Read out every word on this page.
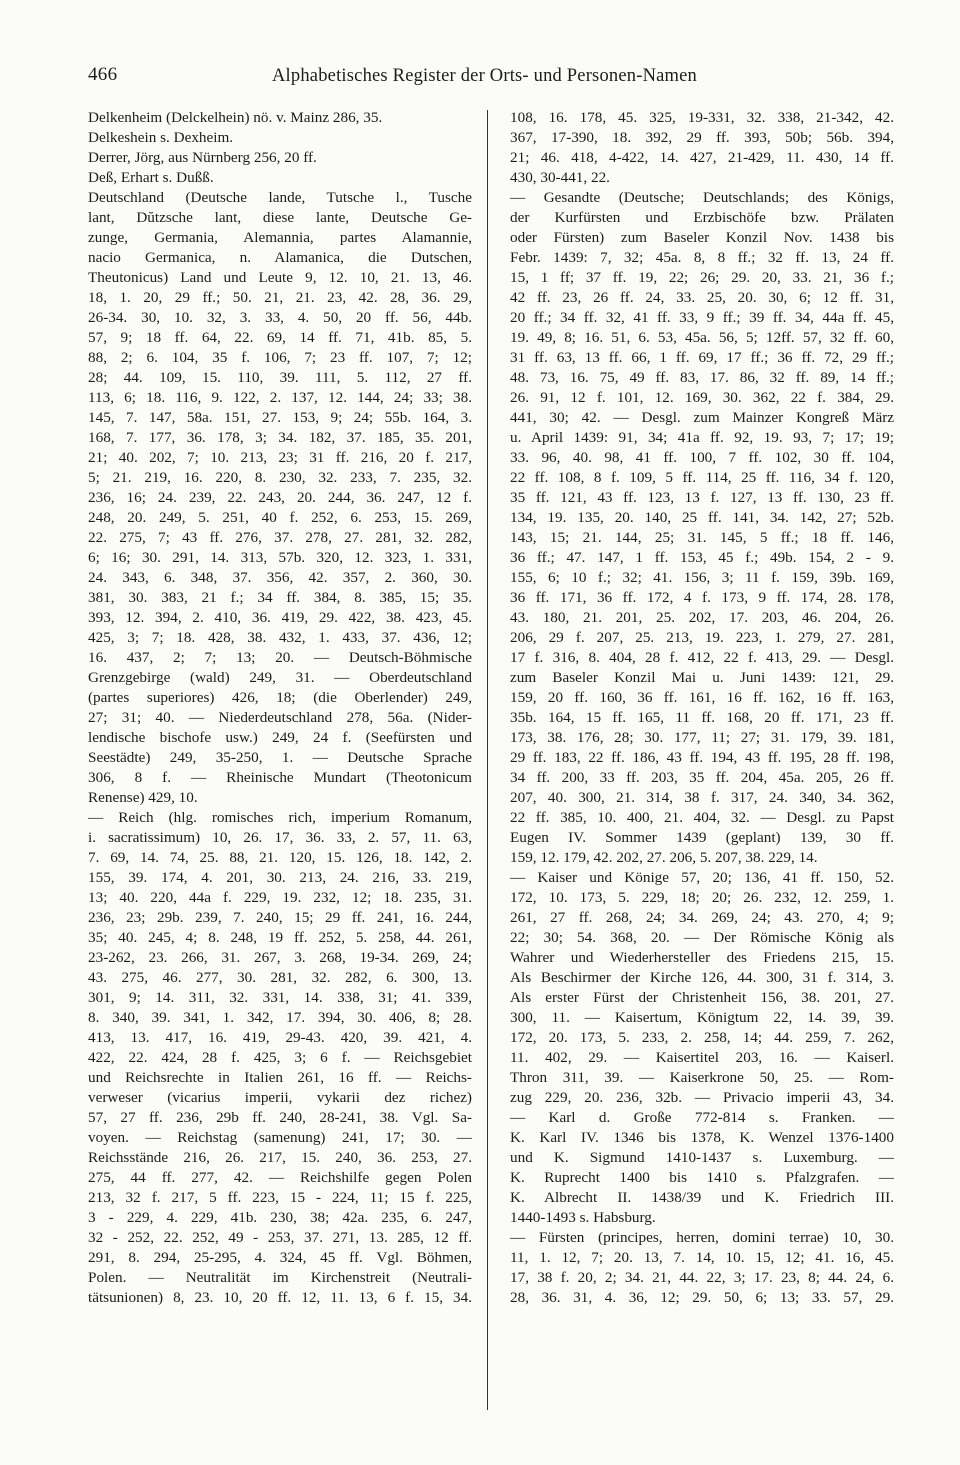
466	Alphabetisches Register der Orts- und Personen-Namen
Delkenheim (Delckelhein) nö. v. Mainz 286, 35.
Delkeshein s. Dexheim.
Derrer, Jörg, aus Nürnberg 256, 20 ff.
Deß, Erhart s. Dußß.
Deutschland (Deutsche lande, Tutsche l., Tusche
lant, Dŭtzsche lant, diese lante, Deutsche Ge-
zunge, Germania, Alemannia, partes Alamannie,
nacio Germanica, n. Alamanica, die Dutschen,
Theutonicus) Land und Leute 9, 12. 10, 21. 13, 46.
18, 1. 20, 29 ff.; 50. 21, 21. 23, 42. 28, 36. 29,
26-34. 30, 10. 32, 3. 33, 4. 50, 20 ff. 56, 44b.
57, 9; 18 ff. 64, 22. 69, 14 ff. 71, 41b. 85, 5.
88, 2; 6. 104, 35 f. 106, 7; 23 ff. 107, 7; 12;
28; 44. 109, 15. 110, 39. 111, 5. 112, 27 ff.
113, 6; 18. 116, 9. 122, 2. 137, 12. 144, 24; 33; 38.
145, 7. 147, 58a. 151, 27. 153, 9; 24; 55b. 164, 3.
168, 7. 177, 36. 178, 3; 34. 182, 37. 185, 35. 201,
21; 40. 202, 7; 10. 213, 23; 31 ff. 216, 20 f. 217,
5; 21. 219, 16. 220, 8. 230, 32. 233, 7. 235, 32.
236, 16; 24. 239, 22. 243, 20. 244, 36. 247, 12 f.
248, 20. 249, 5. 251, 40 f. 252, 6. 253, 15. 269,
22. 275, 7; 43 ff. 276, 37. 278, 27. 281, 32. 282,
6; 16; 30. 291, 14. 313, 57b. 320, 12. 323, 1. 331,
24. 343, 6. 348, 37. 356, 42. 357, 2. 360, 30.
381, 30. 383, 21 f.; 34 ff. 384, 8. 385, 15; 35.
393, 12. 394, 2. 410, 36. 419, 29. 422, 38. 423, 45.
425, 3; 7; 18. 428, 38. 432, 1. 433, 37. 436, 12;
16. 437, 2; 7; 13; 20. — Deutsch-Böhmische
Grenzgebirge (wald) 249, 31. — Oberdeutschland
(partes superiores) 426, 18; (die Oberlender) 249,
27; 31; 40. — Niederdeutschland 278, 56a. (Nider-
lendische bischofe usw.) 249, 24 f. (Seefürsten und
Seestädte) 249, 35-250, 1. — Deutsche Sprache
306, 8 f. — Rheinische Mundart (Theotonicum
Renense) 429, 10.
— Reich (hlg. romisches rich, imperium Romanum,
i. sacratissimum) 10, 26. 17, 36. 33, 2. 57, 11. 63,
7. 69, 14. 74, 25. 88, 21. 120, 15. 126, 18. 142, 2.
155, 39. 174, 4. 201, 30. 213, 24. 216, 33. 219,
13; 40. 220, 44a f. 229, 19. 232, 12; 18. 235, 31.
236, 23; 29b. 239, 7. 240, 15; 29 ff. 241, 16. 244,
35; 40. 245, 4; 8. 248, 19 ff. 252, 5. 258, 44. 261,
23-262, 23. 266, 31. 267, 3. 268, 19-34. 269, 24;
43. 275, 46. 277, 30. 281, 32. 282, 6. 300, 13.
301, 9; 14. 311, 32. 331, 14. 338, 31; 41. 339,
8. 340, 39. 341, 1. 342, 17. 394, 30. 406, 8; 28.
413, 13. 417, 16. 419, 29-43. 420, 39. 421, 4.
422, 22. 424, 28 f. 425, 3; 6 f. — Reichsgebiet
und Reichsrechte in Italien 261, 16 ff. — Reichs-
verweser (vicarius imperii, vykarii dez richez)
57, 27 ff. 236, 29b ff. 240, 28-241, 38. Vgl. Sa-
voyen. — Reichstag (samenung) 241, 17; 30. —
Reichsstände 216, 26. 217, 15. 240, 36. 253, 27.
275, 44 ff. 277, 42. — Reichshilfe gegen Polen
213, 32 f. 217, 5 ff. 223, 15 - 224, 11; 15 f. 225,
3 - 229, 4. 229, 41b. 230, 38; 42a. 235, 6. 247,
32 - 252, 22. 252, 49 - 253, 37. 271, 13. 285, 12 ff.
291, 8. 294, 25-295, 4. 324, 45 ff. Vgl. Böhmen,
Polen. — Neutralität im Kirchenstreit (Neutrali-
tätsunionen) 8, 23. 10, 20 ff. 12, 11. 13, 6 f. 15, 34.
108, 16. 178, 45. 325, 19-331, 32. 338, 21-342, 42.
367, 17-390, 18. 392, 29 ff. 393, 50b; 56b. 394,
21; 46. 418, 4-422, 14. 427, 21-429, 11. 430, 14 ff.
430, 30-441, 22.
— Gesandte (Deutsche; Deutschlands; des Königs,
der Kurfürsten und Erzbischöfe bzw. Prälaten
oder Fürsten) zum Baseler Konzil Nov. 1438 bis
Febr. 1439: 7, 32; 45a. 8, 8 ff.; 32 ff. 13, 24 ff.
15, 1 ff; 37 ff. 19, 22; 26; 29. 20, 33. 21, 36 f.;
42 ff. 23, 26 ff. 24, 33. 25, 20. 30, 6; 12 ff. 31,
20 ff.; 34 ff. 32, 41 ff. 33, 9 ff.; 39 ff. 34, 44a ff. 45,
19. 49, 8; 16. 51, 6. 53, 45a. 56, 5; 12ff. 57, 32 ff. 60,
31 ff. 63, 13 ff. 66, 1 ff. 69, 17 ff.; 36 ff. 72, 29 ff.;
48. 73, 16. 75, 49 ff. 83, 17. 86, 32 ff. 89, 14 ff.;
26. 91, 12 f. 101, 12. 169, 30. 362, 22 f. 384, 29.
441, 30; 42. — Desgl. zum Mainzer Kongreß März
u. April 1439: 91, 34; 41a ff. 92, 19. 93, 7; 17; 19;
33. 96, 40. 98, 41 ff. 100, 7 ff. 102, 30 ff. 104,
22 ff. 108, 8 f. 109, 5 ff. 114, 25 ff. 116, 34 f. 120,
35 ff. 121, 43 ff. 123, 13 f. 127, 13 ff. 130, 23 ff.
134, 19. 135, 20. 140, 25 ff. 141, 34. 142, 27; 52b.
143, 15; 21. 144, 25; 31. 145, 5 ff.; 18 ff. 146,
36 ff.; 47. 147, 1 ff. 153, 45 f.; 49b. 154, 2 - 9.
155, 6; 10 f.; 32; 41. 156, 3; 11 f. 159, 39b. 169,
36 ff. 171, 36 ff. 172, 4 f. 173, 9 ff. 174, 28. 178,
43. 180, 21. 201, 25. 202, 17. 203, 46. 204, 26.
206, 29 f. 207, 25. 213, 19. 223, 1. 279, 27. 281,
17 f. 316, 8. 404, 28 f. 412, 22 f. 413, 29. — Desgl.
zum Baseler Konzil Mai u. Juni 1439: 121, 29.
159, 20 ff. 160, 36 ff. 161, 16 ff. 162, 16 ff. 163,
35b. 164, 15 ff. 165, 11 ff. 168, 20 ff. 171, 23 ff.
173, 38. 176, 28; 30. 177, 11; 27; 31. 179, 39. 181,
29 ff. 183, 22 ff. 186, 43 ff. 194, 43 ff. 195, 28 ff. 198,
34 ff. 200, 33 ff. 203, 35 ff. 204, 45a. 205, 26 ff.
207, 40. 300, 21. 314, 38 f. 317, 24. 340, 34. 362,
22 ff. 385, 10. 400, 21. 404, 32. — Desgl. zu Papst
Eugen IV. Sommer 1439 (geplant) 139, 30 ff.
159, 12. 179, 42. 202, 27. 206, 5. 207, 38. 229, 14.
— Kaiser und Könige 57, 20; 136, 41 ff. 150, 52.
172, 10. 173, 5. 229, 18; 20; 26. 232, 12. 259, 1.
261, 27 ff. 268, 24; 34. 269, 24; 43. 270, 4; 9;
22; 30; 54. 368, 20. — Der Römische König als
Wahrer und Wiederhersteller des Friedens 215, 15.
Als Beschirmer der Kirche 126, 44. 300, 31 f. 314, 3.
Als erster Fürst der Christenheit 156, 38. 201, 27.
300, 11. — Kaisertum, Königtum 22, 14. 39, 39.
172, 20. 173, 5. 233, 2. 258, 14; 44. 259, 7. 262,
11. 402, 29. — Kaisertitel 203, 16. — Kaiserl.
Thron 311, 39. — Kaiserkrone 50, 25. — Rom-
zug 229, 20. 236, 32b. — Privacio imperii 43, 34.
— Karl d. Große 772-814 s. Franken. —
K. Karl IV. 1346 bis 1378, K. Wenzel 1376-1400
und K. Sigmund 1410-1437 s. Luxemburg. —
K. Ruprecht 1400 bis 1410 s. Pfalzgrafen. —
K. Albrecht II. 1438/39 und K. Friedrich III.
1440-1493 s. Habsburg.
— Fürsten (principes, herren, domini terrae) 10, 30.
11, 1. 12, 7; 20. 13, 7. 14, 10. 15, 12; 41. 16, 45.
17, 38 f. 20, 2; 34. 21, 44. 22, 3; 17. 23, 8; 44. 24, 6.
28, 36. 31, 4. 36, 12; 29. 50, 6; 13; 33. 57, 29.
